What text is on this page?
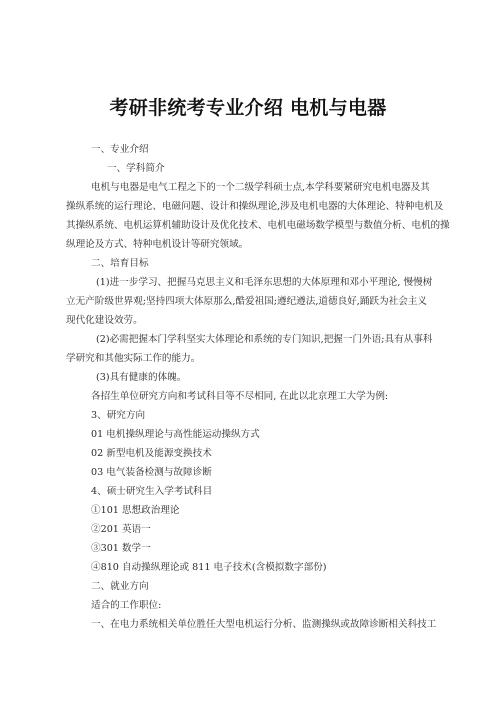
考研非统考专业介绍 电机与电器
一、专业介绍
一、学科简介
电机与电器是电气工程之下的一个二级学科硕士点,本学科要紧研究电机电器及其
操纵系统的运行理论、电磁问题、设计和操纵理论,涉及电机电器的大体理论、特种电机及
其操纵系统、电机运算机辅助设计及优化技术、电机电磁场数学模型与数值分析、电机的操
纵理论及方式、特种电机设计等研究领域。
二、培育目标
(1)进一步学习、把握马克思主义和毛泽东思想的大体原理和邓小平理论, 慢慢树
立无产阶级世界观;坚持四项大体原那么,酷爱祖国;遵纪遵法,道德良好,踊跃为社会主义
现代化建设效劳。
(2)必需把握本门学科坚实大体理论和系统的专门知识,把握一门外语;具有从事科
学研究和其他实际工作的能力。
(3)具有健康的体魄。
各招生单位研究方向和考试科目等不尽相同, 在此以北京理工大学为例:
3、研究方向
01 电机操纵理论与高性能运动操纵方式
02 新型电机及能源变换技术
03 电气装备检测与故障诊断
4、硕士研究生入学考试科目
①101 思想政治理论
②201 英语一
③301 数学一
④810 自动操纵理论或 811 电子技术(含模拟数字部份)
二、就业方向
适合的工作职位:
一、在电力系统相关单位胜任大型电机运行分析、监测操纵或故障诊断相关科技工
